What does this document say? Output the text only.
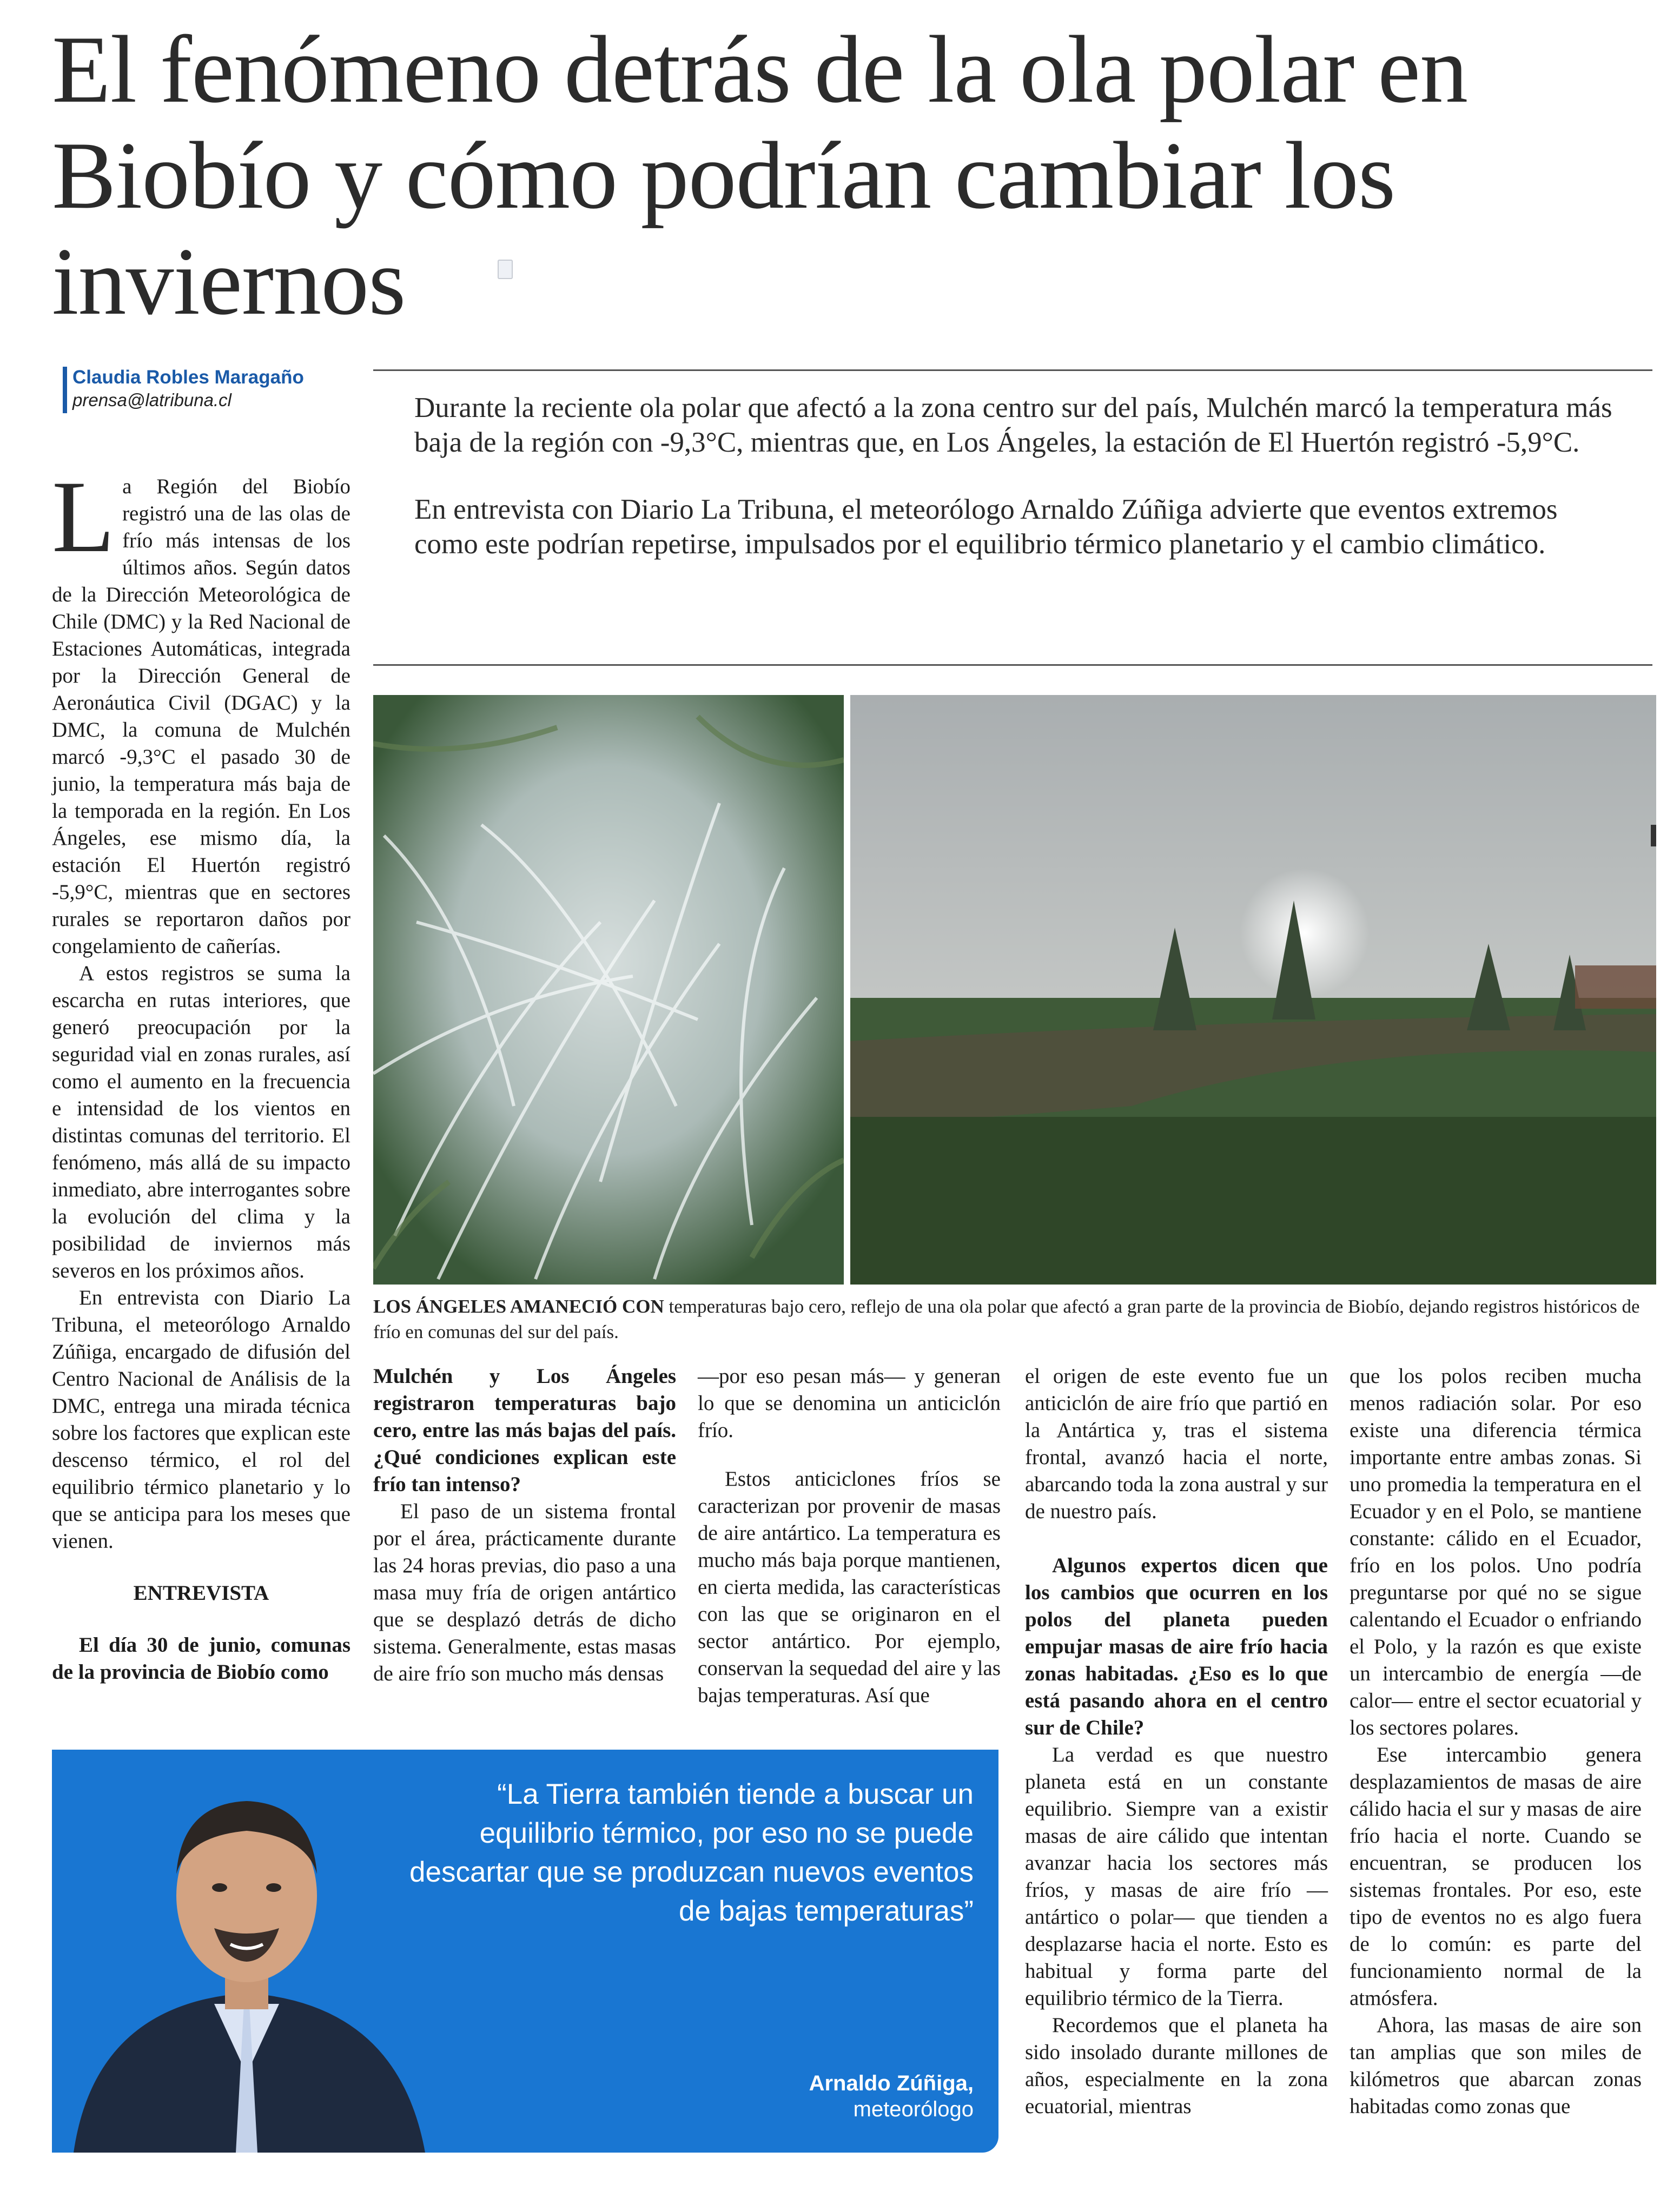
El fenómeno detrás de la ola polar en Biobío y cómo podrían cambiar los inviernos
Claudia Robles Maragaño
prensa@latribuna.cl	Durante la reciente ola polar que afectó a la zona centro sur del país, Mulchén marcó la temperatura más baja de la región con -9,3°C, mientras que, en Los Ángeles, la estación de El Huertón registró -5,9°C.

En entrevista con Diario La Tribuna, el meteorólogo Arnaldo Zúñiga advierte que eventos extremos como este podrían repetirse, impulsados por el equilibrio térmico planetario y el cambio climático.

La Región del Biobío registró una de las olas de frío más intensas de los últimos años. Según datos de la Dirección Meteorológica de Chile (DMC) y la Red Nacional de Estaciones Automáticas, integrada por la Dirección General de Aeronáutica Civil (DGAC) y la DMC, la comuna de Mulchén marcó -9,3°C el pasado 30 de junio, la temperatura más baja de la temporada en la región. En Los Ángeles, ese mismo día, la estación El Huertón registró -5,9°C, mientras que en sectores rurales se reportaron daños por congelamiento de cañerías.

A estos registros se suma la escarcha en rutas interiores, que generó preocupación por la seguridad vial en zonas rurales, así como el aumento en la frecuencia e intensidad de los vientos en distintas comunas del territorio. El fenómeno, más allá de su impacto inmediato, abre interrogantes sobre la evolución del clima y la posibilidad de inviernos más severos en los próximos años.

En entrevista con Diario La Tribuna, el meteorólogo Arnaldo Zúñiga, encargado de difusión del Centro Nacional de Análisis de la DMC, entrega una mirada técnica sobre los factores que explican este descenso térmico, el rol del equilibrio térmico planetario y lo que se anticipa para los meses que vienen.

ENTREVISTA

El día 30 de junio, comunas de la provincia de Biobío como

LOS ÁNGELES AMANECIÓ CON temperaturas bajo cero, reflejo de una ola polar que afectó a gran parte de la provincia de Biobío, dejando registros históricos de frío en comunas del sur del país.

Mulchén y Los Ángeles registraron temperaturas bajo cero, entre las más bajas del país. ¿Qué condiciones explican este frío tan intenso?

El paso de un sistema frontal por el área, prácticamente durante las 24 horas previas, dio paso a una masa muy fría de origen antártico que se desplazó detrás de dicho sistema. Generalmente, estas masas de aire frío son mucho más densas

—por eso pesan más— y generan lo que se denomina un anticiclón frío.

Estos anticiclones fríos se caracterizan por provenir de masas de aire antártico. La temperatura es mucho más baja porque mantienen, en cierta medida, las características con las que se originaron en el sector antártico. Por ejemplo, conservan la sequedad del aire y las bajas temperaturas. Así que

el origen de este evento fue un anticiclón de aire frío que partió en la Antártica y, tras el sistema frontal, avanzó hacia el norte, abarcando toda la zona austral y sur de nuestro país.

Algunos expertos dicen que los cambios que ocurren en los polos del planeta pueden empujar masas de aire frío hacia zonas habitadas. ¿Eso es lo que está pasando ahora en el centro sur de Chile?

La verdad es que nuestro planeta está en un constante equilibrio. Siempre van a existir masas de aire cálido que intentan avanzar hacia los sectores más fríos, y masas de aire frío —antártico o polar— que tienden a desplazarse hacia el norte. Esto es habitual y forma parte del equilibrio térmico de la Tierra.

Recordemos que el planeta ha sido insolado durante millones de años, especialmente en la zona ecuatorial, mientras

que los polos reciben mucha menos radiación solar. Por eso existe una diferencia térmica importante entre ambas zonas. Si uno promedia la temperatura en el Ecuador y en el Polo, se mantiene constante: cálido en el Ecuador, frío en los polos. Uno podría preguntarse por qué no se sigue calentando el Ecuador o enfriando el Polo, y la razón es que existe un intercambio de energía —de calor— entre el sector ecuatorial y los sectores polares.

Ese intercambio genera desplazamientos de masas de aire cálido hacia el sur y masas de aire frío hacia el norte. Cuando se encuentran, se producen los sistemas frontales. Por eso, este tipo de eventos no es algo fuera de lo común: es parte del funcionamiento normal de la atmósfera.

Ahora, las masas de aire son tan amplias que son miles de kilómetros que abarcan zonas habitadas como zonas que

“La Tierra también tiende a buscar un equilibrio térmico, por eso no se puede descartar que se produzcan nuevos eventos de bajas temperaturas”
Arnaldo Zúñiga,
meteorólogo
